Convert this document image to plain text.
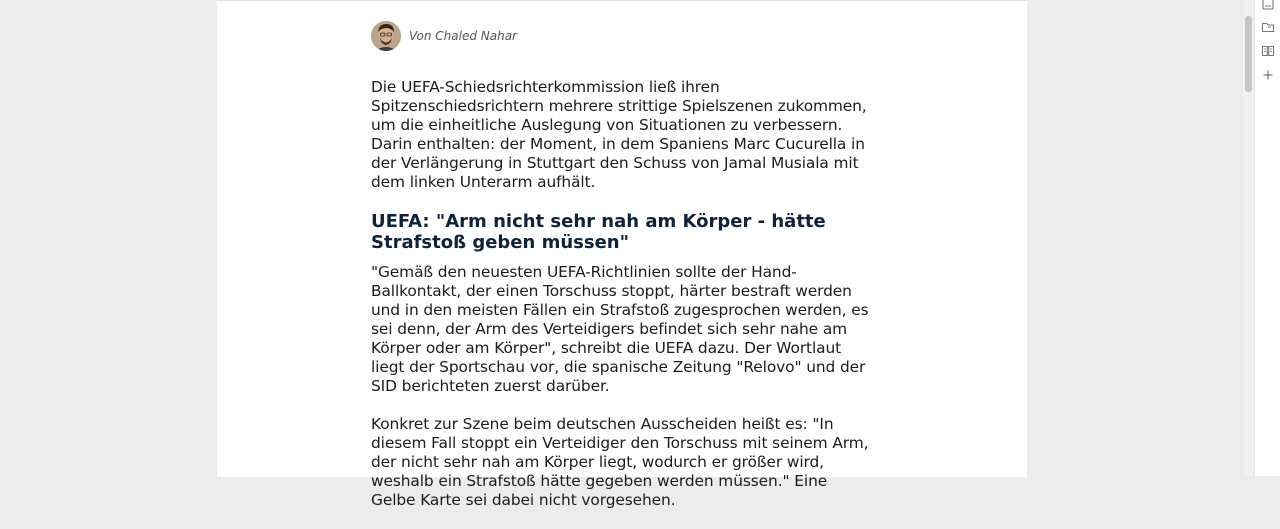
Von Chaled Nahar

Die UEFA-Schiedsrichterkommission ließ ihren Spitzenschiedsrichtern mehrere strittige Spielszenen zukommen, um die einheitliche Auslegung von Situationen zu verbessern. Darin enthalten: der Moment, in dem Spaniens Marc Cucurella in der Verlängerung in Stuttgart den Schuss von Jamal Musiala mit dem linken Unterarm aufhält.

UEFA: "Arm nicht sehr nah am Körper - hätte Strafstoß geben müssen"

"Gemäß den neuesten UEFA-Richtlinien sollte der Hand-Ballkontakt, der einen Torschuss stoppt, härter bestraft werden und in den meisten Fällen ein Strafstoß zugesprochen werden, es sei denn, der Arm des Verteidigers befindet sich sehr nahe am Körper oder am Körper", schreibt die UEFA dazu. Der Wortlaut liegt der Sportschau vor, die spanische Zeitung "Relovo" und der SID berichteten zuerst darüber.

Konkret zur Szene beim deutschen Ausscheiden heißt es: "In diesem Fall stoppt ein Verteidiger den Torschuss mit seinem Arm, der nicht sehr nah am Körper liegt, wodurch er größer wird, weshalb ein Strafstoß hätte gegeben werden müssen." Eine Gelbe Karte sei dabei nicht vorgesehen.
